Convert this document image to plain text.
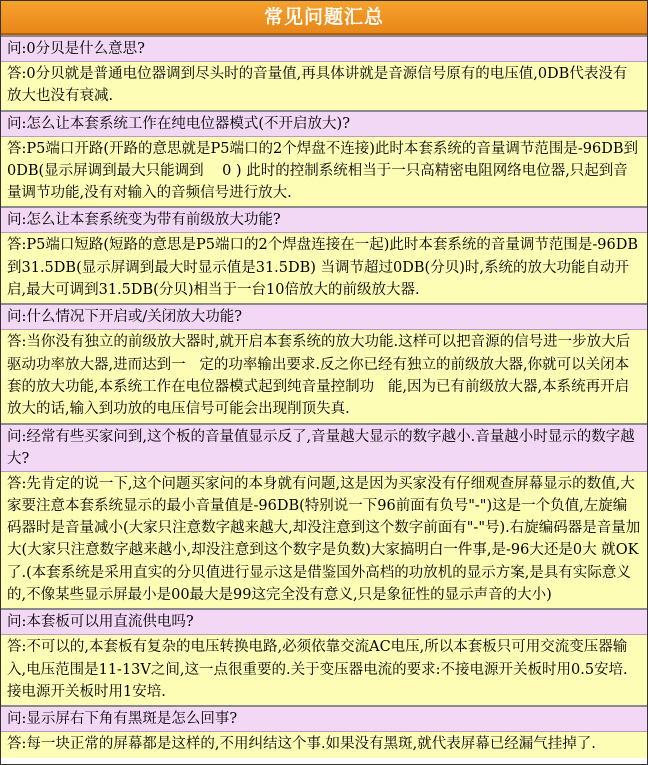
常见问题汇总
问:0分贝是什么意思?
答:0分贝就是普通电位器调到尽头时的音量值,再具体讲就是音源信号原有的电压值,0DB代表没有放大也没有衰减.
问:怎么让本套系统工作在纯电位器模式(不开启放大)?
答:P5端口开路(开路的意思就是P5端口的2个焊盘不连接)此时本套系统的音量调节范围是-96DB到0DB(显示屏调到最大只能调到    0 ) 此时的控制系统相当于一只高精密电阻网络电位器,只起到音量调节功能,没有对输入的音频信号进行放大.
问:怎么让本套系统变为带有前级放大功能?
答:P5端口短路(短路的意思是P5端口的2个焊盘连接在一起)此时本套系统的音量调节范围是-96DB到31.5DB(显示屏调到最大时显示值是31.5DB) 当调节超过0DB(分贝)时,系统的放大功能自动开启,最大可调到31.5DB(分贝)相当于一台10倍放大的前级放大器.
问:什么情况下开启或/关闭放大功能?
答:当你没有独立的前级放大器时,就开启本套系统的放大功能.这样可以把音源的信号进一步放大后驱动功率放大器,进而达到一   定的功率输出要求.反之你已经有独立的前级放大器,你就可以关闭本套的放大功能,本系统工作在电位器模式起到纯音量控制功   能,因为已有前级放大器,本系统再开启放大的话,输入到功放的电压信号可能会出现削顶失真.
问:经常有些买家问到,这个板的音量值显示反了,音量越大显示的数字越小.音量越小时显示的数字越大?
答:先肯定的说一下,这个问题买家问的本身就有问题,这是因为买家没有仔细观查屏幕显示的数值,大家要注意本套系统显示的最小音量值是-96DB(特别说一下96前面有负号"-")这是一个负值,左旋编码器时是音量减小(大家只注意数字越来越大,却没注意到这个数字前面有"-"号).右旋编码器是音量加大(大家只注意数字越来越小,却没注意到这个数字是负数)大家搞明白一件事,是-96大还是0大 就OK了.(本套系统是采用直实的分贝值进行显示这是借鉴国外高档的功放机的显示方案,是具有实际意义的,不像某些显示屏最小是00最大是99这完全没有意义,只是象征性的显示声音的大小)
问:本套板可以用直流供电吗?
答:不可以的,本套板有复杂的电压转换电路,必须依靠交流AC电压,所以本套板只可用交流变压器输入,电压范围是11-13V之间,这一点很重要的.关于变压器电流的要求:不接电源开关板时用0.5安培.   接电源开关板时用1安培.
问:显示屏右下角有黑斑是怎么回事?
答:每一块正常的屏幕都是这样的,不用纠结这个事.如果没有黑斑,就代表屏幕已经漏气挂掉了.
